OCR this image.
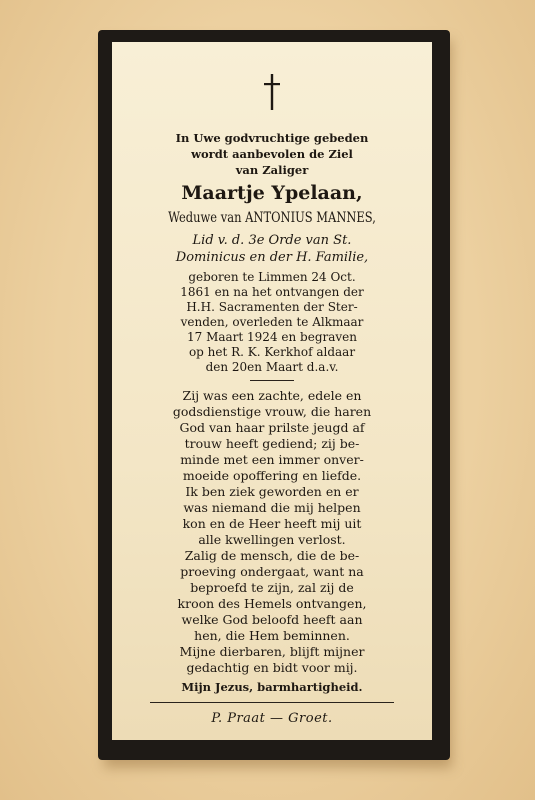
In Uwe godvruchtige gebeden
wordt aanbevolen de Ziel
van Zaliger
Maartje Ypelaan,
Weduwe van ANTONIUS MANNES,
Lid v. d. 3e Orde van St.
Dominicus en der H. Familie,
geboren te Limmen 24 Oct.
1861 en na het ontvangen der
H.H. Sacramenten der Ster-
venden, overleden te Alkmaar
17 Maart 1924 en begraven
op het R. K. Kerkhof aldaar
den 20en Maart d.a.v.
Zij was een zachte, edele en
godsdienstige vrouw, die haren
God van haar prilste jeugd af
trouw heeft gediend; zij be-
minde met een immer onver-
moeide opoffering en liefde.
Ik ben ziek geworden en er
was niemand die mij helpen
kon en de Heer heeft mij uit
alle kwellingen verlost.
Zalig de mensch, die de be-
proeving ondergaat, want na
beproefd te zijn, zal zij de
kroon des Hemels ontvangen,
welke God beloofd heeft aan
hen, die Hem beminnen.
Mijne dierbaren, blijft mijner
gedachtig en bidt voor mij.
Mijn Jezus, barmhartigheid.
P. Praat — Groet.
